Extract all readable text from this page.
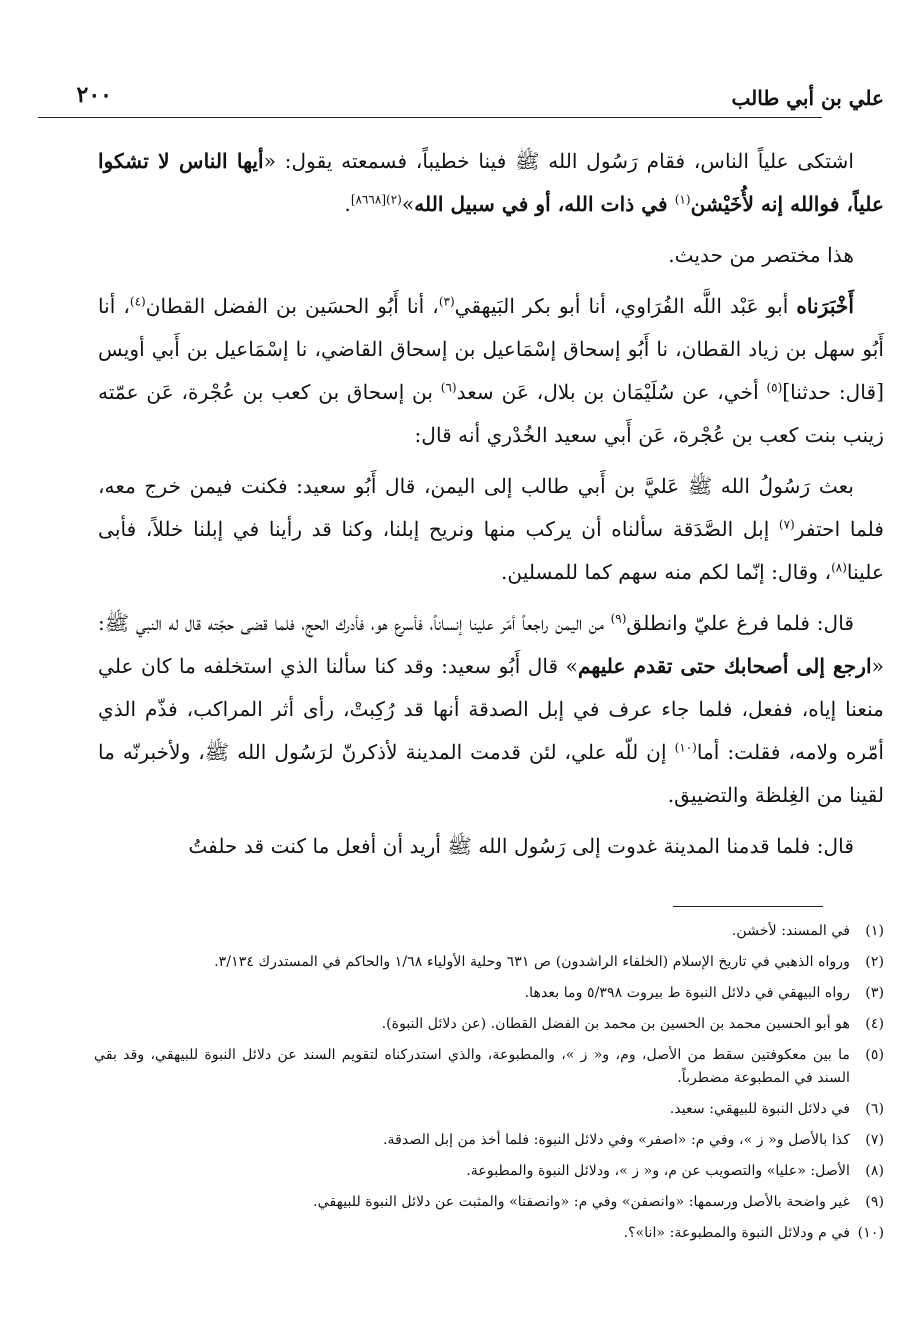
٢٠٠	علي بن أبي طالب

اشتكى علياً الناس، فقام رَسُول الله ﷺ فينا خطيباً، فسمعته يقول: «أيها الناس لا تشكوا علياً، فوالله إنه لأُخَيْشن$^{(١)}$ في ذات الله، أو في سبيل الله»$^{(٢)[٨٦٦٨]}$.

هذا مختصر من حديث.

أَخْبَرَناه أبو عَبْد اللَّه الفُرَاوي، أنا أبو بكر البَيهقي$^{(٣)}$، أنا أَبُو الحسَين بن الفضل القطان$^{(٤)}$، أنا أَبُو سهل بن زياد القطان، نا أَبُو إسحاق إسْمَاعيل بن إسحاق القاضي، نا إسْمَاعيل بن أَبي أويس [قال: حدثنا]$^{(٥)}$ أخي، عن سُلَيْمَان بن بلال، عَن سعد$^{(٦)}$ بن إسحاق بن كعب بن عُجْرة، عَن عمّته زينب بنت كعب بن عُجْرة، عَن أَبي سعيد الخُدْري أنه قال:

بعث رَسُولُ الله ﷺ عَليَّ بن أَبي طالب إلى اليمن، قال أَبُو سعيد: فكنت فيمن خرج معه، فلما احتفر$^{(٧)}$ إبل الصَّدَقة سألناه أن يركب منها ونريح إبلنا، وكنا قد رأينا في إبلنا خللاً، فأبى علينا$^{(٨)}$، وقال: إنّما لكم منه سهم كما للمسلين.

قال: فلما فرغ عليّ وانطلق$^{(٩)}$ من اليمن راجعاً أمّر علينا إنساناً، فأسرع هو، فأدرك الحج، فلما قضى حجّته قال له النبي ﷺ: «ارجع إلى أصحابك حتى تقدم عليهم» قال أَبُو سعيد: وقد كنا سألنا الذي استخلفه ما كان علي منعنا إياه، ففعل، فلما جاء عرف في إبل الصدقة أنها قد رُكِبتْ، رأى أثر المراكب، فذّم الذي أمّره ولامه، فقلت: أما$^{(١٠)}$ إن للّه علي، لئن قدمت المدينة لأذكرنّ لرَسُول الله ﷺ، ولأخبرنّه ما لقينا من الغِلظة والتضييق.

قال: فلما قدمنا المدينة غدوت إلى رَسُول الله ﷺ أريد أن أفعل ما كنت قد حلفتُ

(١)
في المسند: لأخشن.
(٢)
ورواه الذهبي في تاريخ الإسلام (الخلفاء الراشدون) ص ٦٣١ وحلية الأولياء ١/٦٨ والحاكم في المستدرك ٣/١٣٤.
(٣)
رواه البيهقي في دلائل النبوة ط بيروت ٥/٣٩٨ وما بعدها.
(٤)
هو أبو الحسين محمد بن الحسين بن محمد بن الفضل القطان. (عن دلائل النبوة).
(٥)
ما بين معكوفتين سقط من الأصل، وم، و« ز »، والمطبوعة، والذي استدركناه لتقويم السند عن دلائل النبوة للبيهقي، وقد بقي السند في المطبوعة مضطرباً.
(٦)
في دلائل النبوة للبيهقي: سعيد.
(٧)
كذا بالأصل و« ز »، وفي م: «اصفر» وفي دلائل النبوة: فلما أخذ من إبل الصدقة.
(٨)
الأصل: «عليا» والتصويب عن م، و« ز »، ودلائل النبوة والمطبوعة.
(٩)
غير واضحة بالأصل ورسمها: «وانصفن» وفي م: «وانصفنا» والمثبت عن دلائل النبوة للبيهقي.
(١٠)
في م ودلائل النبوة والمطبوعة: «انا»؟.
